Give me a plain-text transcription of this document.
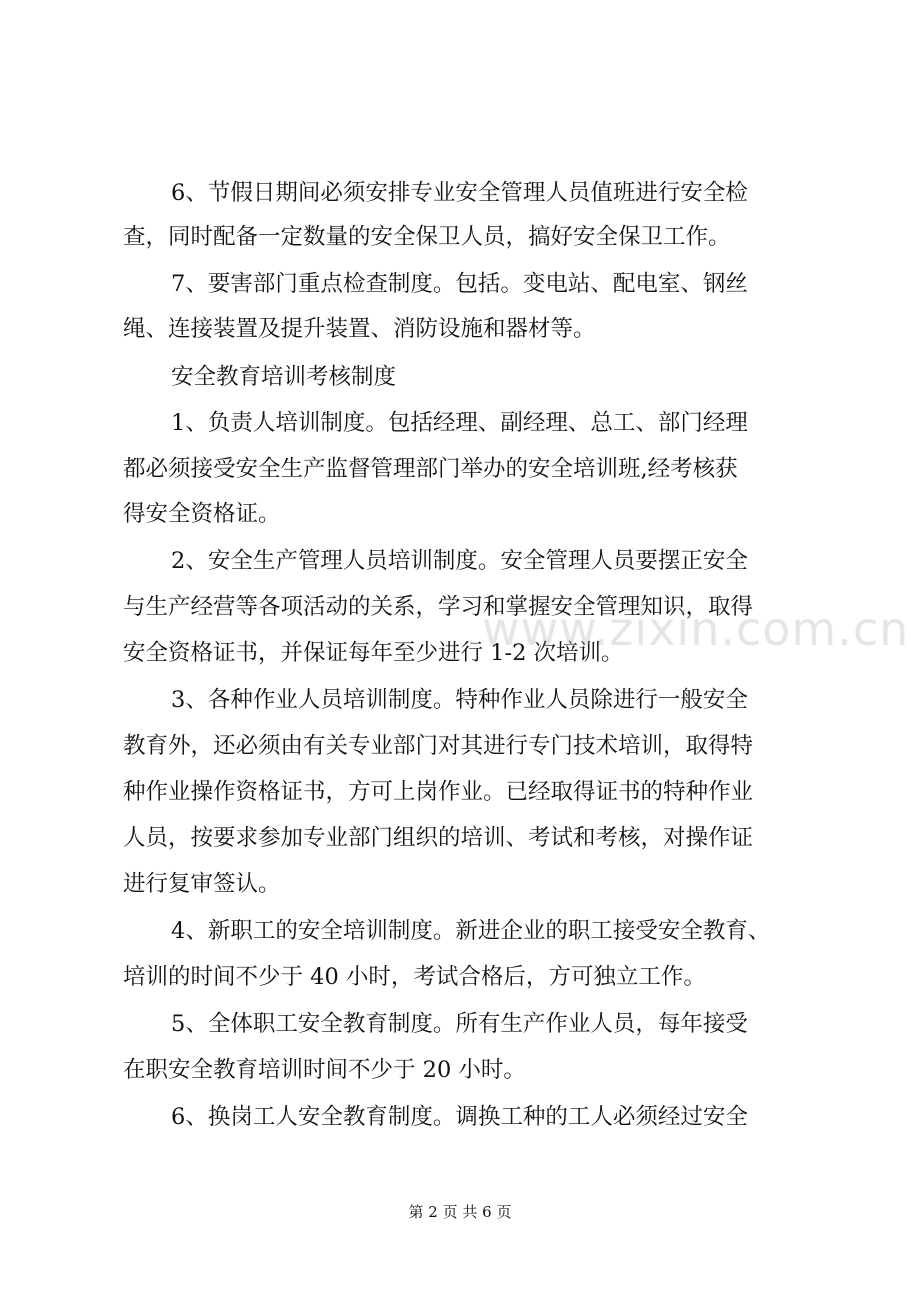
6、节假日期间必须安排专业安全管理人员值班进行安全检
查，同时配备一定数量的安全保卫人员，搞好安全保卫工作。
7、要害部门重点检查制度。包括。变电站、配电室、钢丝
绳、连接装置及提升装置、消防设施和器材等。
安全教育培训考核制度
1、负责人培训制度。包括经理、副经理、总工、部门经理
都必须接受安全生产监督管理部门举办的安全培训班,经考核获
得安全资格证。
2、安全生产管理人员培训制度。安全管理人员要摆正安全
与生产经营等各项活动的关系，学习和掌握安全管理知识，取得
安全资格证书，并保证每年至少进行 1-2 次培训。
3、各种作业人员培训制度。特种作业人员除进行一般安全
教育外，还必须由有关专业部门对其进行专门技术培训，取得特
种作业操作资格证书，方可上岗作业。已经取得证书的特种作业
人员，按要求参加专业部门组织的培训、考试和考核，对操作证
进行复审签认。
4、新职工的安全培训制度。新进企业的职工接受安全教育、
培训的时间不少于 40 小时，考试合格后，方可独立工作。
5、全体职工安全教育制度。所有生产作业人员，每年接受
在职安全教育培训时间不少于 20 小时。
6、换岗工人安全教育制度。调换工种的工人必须经过安全
www.zixin.com.cn
第 2 页 共 6 页
